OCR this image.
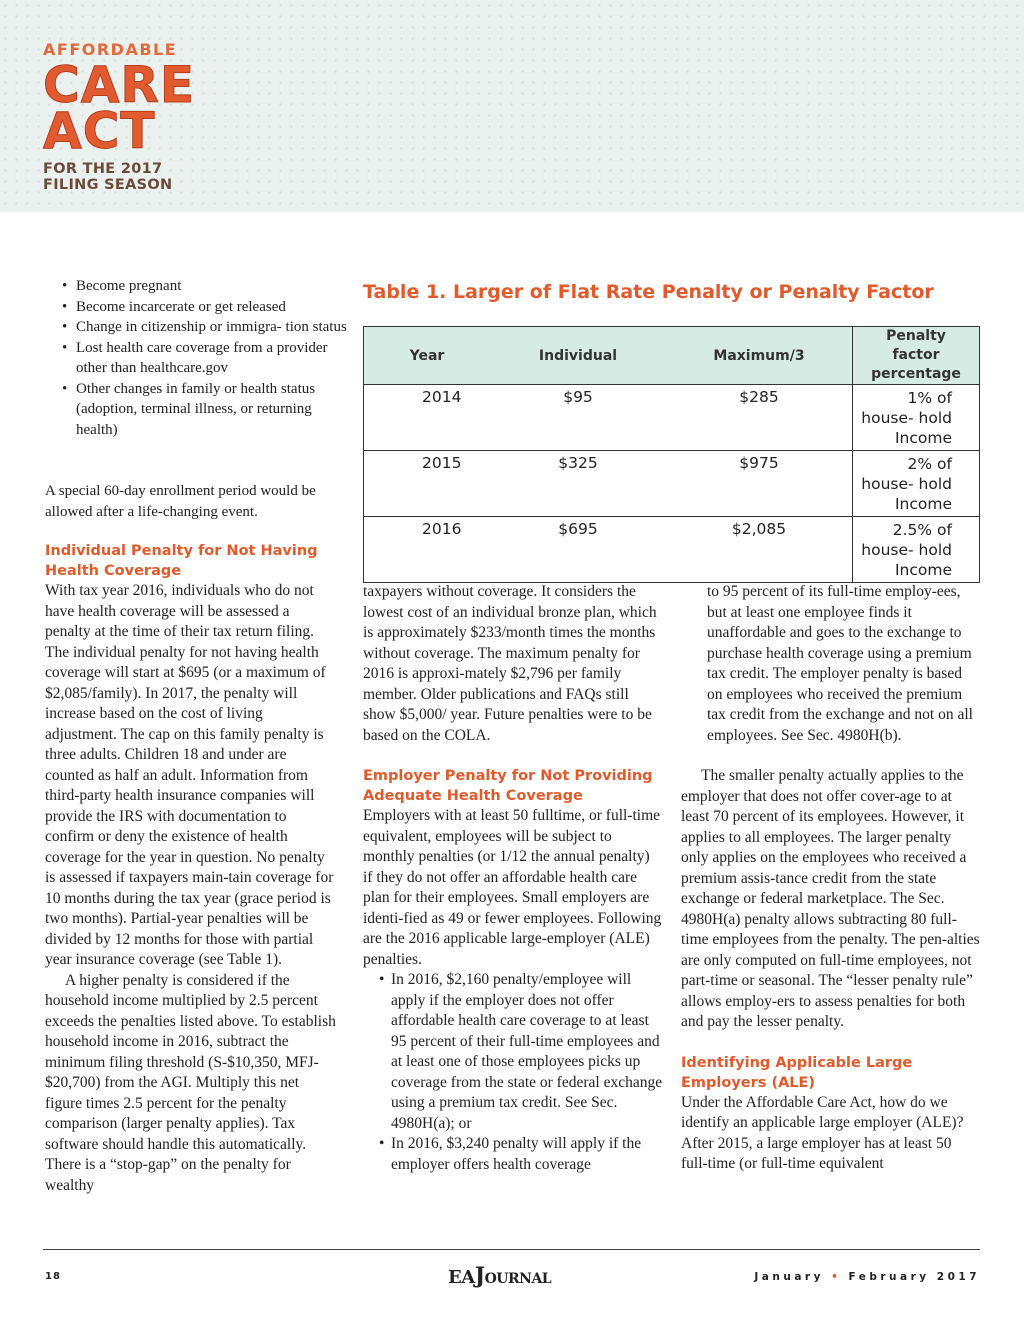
AFFORDABLE
CARE
ACT
FOR THE 2017
FILING SEASON
• Become pregnant
• Become incarcerate or get released
• Change in citizenship or immigra- tion status
• Lost health care coverage from a provider other than healthcare.gov
• Other changes in family or health status (adoption, terminal illness, or returning health)
A special 60-day enrollment period would be allowed after a life-changing event.
Table 1. Larger of Flat Rate Penalty or Penalty Factor
Year	Individual	Maximum/3	Penalty factor percentage
2014	$95	$285	1% of house- hold Income
2015	$325	$975	2% of house- hold Income
2016	$695	$2,085	2.5% of house- hold Income
Individual Penalty for Not Having Health Coverage

With tax year 2016, individuals who do not have health coverage will be assessed a penalty at the time of their tax return filing. The individual penalty for not having health coverage will start at $695 (or a maximum of $2,085/family). In 2017, the penalty will increase based on the cost of living adjustment. The cap on this family penalty is three adults. Children 18 and under are counted as half an adult. Information from third-party health insurance companies will provide the IRS with documentation to confirm or deny the existence of health coverage for the year in question. No penalty is assessed if taxpayers main-tain coverage for 10 months during the tax year (grace period is two months). Partial-year penalties will be divided by 12 months for those with partial year insurance coverage (see Table 1).

A higher penalty is considered if the household income multiplied by 2.5 percent exceeds the penalties listed above. To establish household income in 2016, subtract the minimum filing threshold (S-$10,350, MFJ- $20,700) from the AGI. Multiply this net figure times 2.5 percent for the penalty comparison (larger penalty applies). Tax software should handle this automatically. There is a “stop-gap” on the penalty for wealthy

taxpayers without coverage. It considers the lowest cost of an individual bronze plan, which is approximately $233/month times the months without coverage. The maximum penalty for 2016 is approxi-mately $2,796 per family member. Older publications and FAQs still show $5,000/ year. Future penalties were to be based on the COLA.

Employer Penalty for Not Providing Adequate Health Coverage

Employers with at least 50 fulltime, or full-time equivalent, employees will be subject to monthly penalties (or 1/12 the annual penalty) if they do not offer an affordable health care plan for their employees. Small employers are identi-fied as 49 or fewer employees. Following are the 2016 applicable large-employer (ALE) penalties.

• In 2016, $2,160 penalty/employee will apply if the employer does not offer affordable health care coverage to at least 95 percent of their full-time employees and at least one of those employees picks up coverage from the state or federal exchange using a premium tax credit. See Sec. 4980H(a); or
• In 2016, $3,240 penalty will apply if the employer offers health coverage

to 95 percent of its full-time employ-ees, but at least one employee finds it unaffordable and goes to the exchange to purchase health coverage using a premium tax credit. The employer penalty is based on employees who received the premium tax credit from the exchange and not on all employees. See Sec. 4980H(b).

The smaller penalty actually applies to the employer that does not offer cover-age to at least 70 percent of its employees. However, it applies to all employees. The larger penalty only applies on the employees who received a premium assis-tance credit from the state exchange or federal marketplace. The Sec. 4980H(a) penalty allows subtracting 80 full-time employees from the penalty. The pen-alties are only computed on full-time employees, not part-time or seasonal. The “lesser penalty rule” allows employ-ers to assess penalties for both and pay the lesser penalty.

Identifying Applicable Large Employers (ALE)

Under the Affordable Care Act, how do we identify an applicable large employer (ALE)? After 2015, a large employer has at least 50 full-time (or full-time equivalent

18	EAJOURNAL	January • February 2017
